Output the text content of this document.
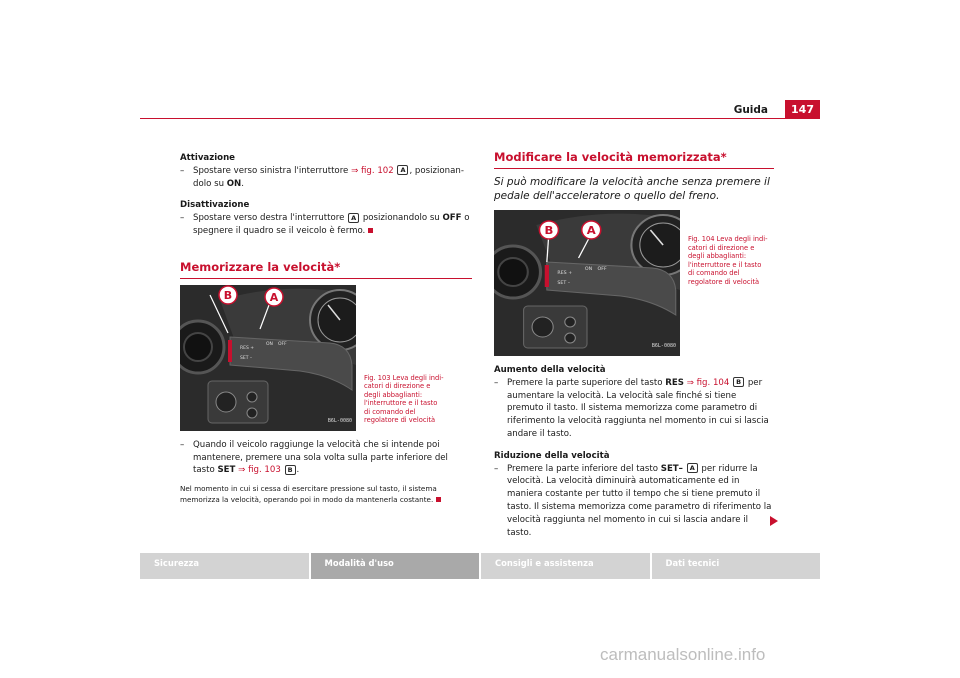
Guida	147
Attivazione
– Spostare verso sinistra l'interruttore ⇒ fig. 102 A , posizionandolo su ON.
Disattivazione
– Spostare verso destra l'interruttore A posizionandolo su OFF o spegnere il quadro se il veicolo è fermo.
Memorizzare la velocità*
RES +
SET –
ON OFF
B	A
B6L-0080
Fig. 103 Leva degli indicatori di direzione e degli abbaglianti: l'interruttore e il tasto di comando del regolatore di velocità
– Quando il veicolo raggiunge la velocità che si intende poi mantenere, premere una sola volta sulla parte inferiore del tasto SET ⇒ fig. 103 B .
Nel momento in cui si cessa di esercitare pressione sul tasto, il sistema memorizza la velocità, operando poi in modo da mantenerla costante.
Modificare la velocità memorizzata*
Si può modificare la velocità anche senza premere il pedale dell'acceleratore o quello del freno.
RES +
SET –
ON OFF
B	A
B6L-0080
Fig. 104 Leva degli indicatori di direzione e degli abbaglianti: l'interruttore e il tasto di comando del regolatore di velocità
Aumento della velocità
– Premere la parte superiore del tasto RES ⇒ fig. 104 B per aumentare la velocità. La velocità sale finché si tiene premuto il tasto. Il sistema memorizza come parametro di riferimento la velocità raggiunta nel momento in cui si lascia andare il tasto.
Riduzione della velocità
– Premere la parte inferiore del tasto SET– A per ridurre la velocità. La velocità diminuirà automaticamente ed in maniera costante per tutto il tempo che si tiene premuto il tasto. Il sistema memorizza come parametro di riferimento la velocità raggiunta nel momento in cui si lascia andare il tasto.
Sicurezza	Modalità d'uso	Consigli e assistenza	Dati tecnici
carmanualsonline.info
